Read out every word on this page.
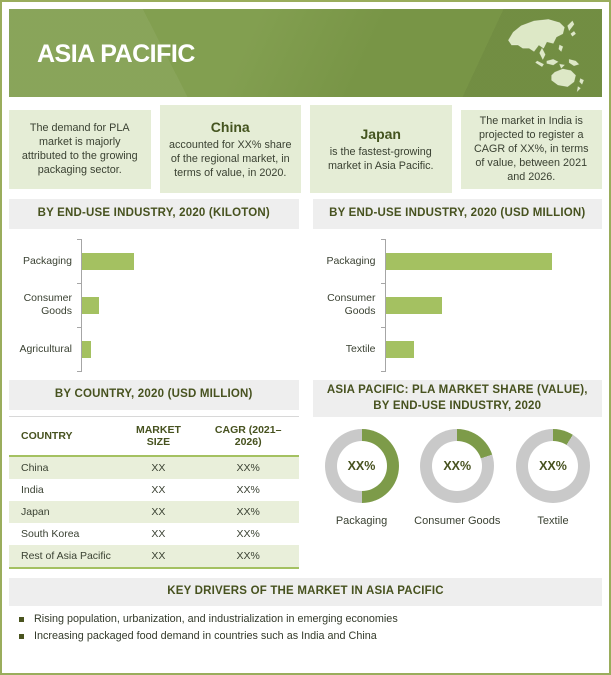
ASIA PACIFIC
The demand for PLA market is majorly attributed to the growing packaging sector.
China
accounted for XX% share of the regional market, in terms of value, in 2020.
Japan
is the fastest-growing market in Asia Pacific.
The market in India is projected to register a CAGR of XX%, in terms of value, between 2021 and 2026.
BY END-USE INDUSTRY, 2020 (KILOTON)
Packaging
Consumer Goods
Agricultural
BY END-USE INDUSTRY, 2020 (USD MILLION)
Packaging
Consumer Goods
Textile
BY COUNTRY, 2020 (USD MILLION)
COUNTRY	MARKET SIZE	CAGR (2021–2026)
China	XX	XX%
India	XX	XX%
Japan	XX	XX%
South Korea	XX	XX%
Rest of Asia Pacific	XX	XX%
ASIA PACIFIC: PLA MARKET SHARE (VALUE),
BY END-USE INDUSTRY, 2020
XX%
Packaging
XX%
Consumer Goods
XX%
Textile
KEY DRIVERS OF THE MARKET IN ASIA PACIFIC
Rising population, urbanization, and industrialization in emerging economies
Increasing packaged food demand in countries such as India and China
